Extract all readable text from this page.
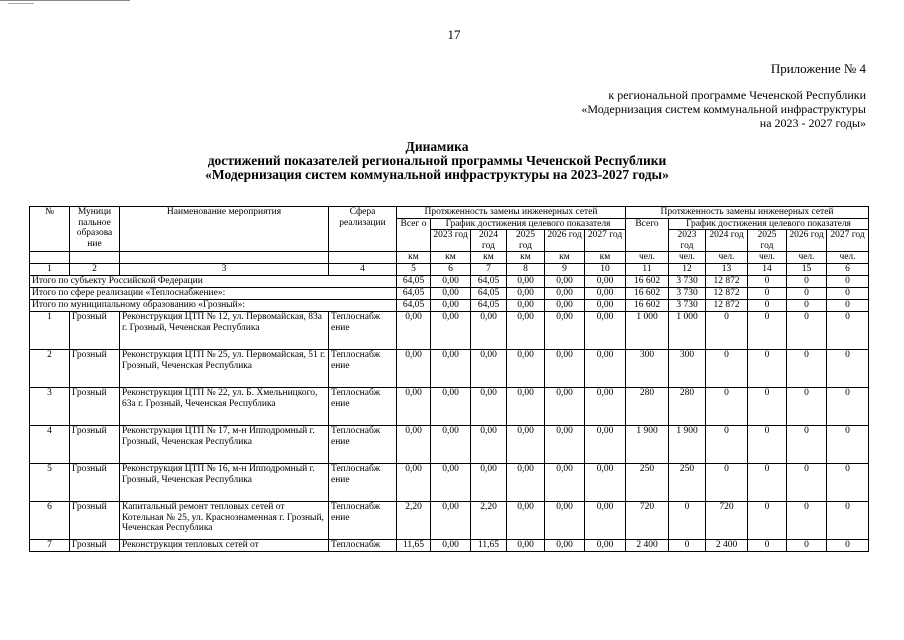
17
Приложение № 4
к региональной программе Чеченской Республики
«Модернизация систем коммунальной инфраструктуры
на 2023 - 2027 годы»
Динамика
достижений показателей региональной программы Чеченской Республики
«Модернизация систем коммунальной инфраструктуры на 2023-2027 годы»
№	Муници пальное образова ние	Наименование мероприятия	Сфера реализации	Протяженность замены инженерных сетей						Протяженность замены инженерных сетей					
				Всег о	График достижения целевого показателя					Всего	График достижения целевого показателя				
					2023 год	2024 год	2025 год	2026 год	2027 год		2023 год	2024 год	2025 год	2026 год	2027 год
				км	км	км	км	км	км	чел.	чел.	чел.	чел.	чел.	чел.
1	2	3	4	5	6	7	8	9	10	11	12	13	14	15	6
Итого по субъекту Российской Федерации				64,05	0,00	64,05	0,00	0,00	0,00	16 602	3 730	12 872	0	0	0
Итого по сфере реализации «Теплоснабжение»:				64,05	0,00	64,05	0,00	0,00	0,00	16 602	3 730	12 872	0	0	0
Итого по муниципальному образованию «Грозный»:				64,05	0,00	64,05	0,00	0,00	0,00	16 602	3 730	12 872	0	0	0
1	Грозный	Реконструкция ЦТП № 12, ул. Первомайская, 83а г. Грозный, Чеченская Республика	Теплоснабж ение	0,00	0,00	0,00	0,00	0,00	0,00	1 000	1 000	0	0	0	0
2	Грозный	Реконструкция ЦТП № 25, ул. Первомайская, 51 г. Грозный, Чеченская Республика	Теплоснабж ение	0,00	0,00	0,00	0,00	0,00	0,00	300	300	0	0	0	0
3	Грозный	Реконструкция ЦТП № 22, ул. Б. Хмельницкого, 63а г. Грозный, Чеченская Республика	Теплоснабж ение	0,00	0,00	0,00	0,00	0,00	0,00	280	280	0	0	0	0
4	Грозный	Реконструкция ЦТП № 17, м-н Ипподромный г. Грозный, Чеченская Республика	Теплоснабж ение	0,00	0,00	0,00	0,00	0,00	0,00	1 900	1 900	0	0	0	0
5	Грозный	Реконструкция ЦТП № 16, м-н Ипподромный г. Грозный, Чеченская Республика	Теплоснабж ение	0,00	0,00	0,00	0,00	0,00	0,00	250	250	0	0	0	0
6	Грозный	Капитальный ремонт тепловых сетей от Котельная № 25, ул. Краснознаменная г. Грозный, Чеченская Республика	Теплоснабж ение	2,20	0,00	2,20	0,00	0,00	0,00	720	0	720	0	0	0
7	Грозный	Реконструкция тепловых сетей от	Теплоснабж	11,65	0,00	11,65	0,00	0,00	0,00	2 400	0	2 400	0	0	0
